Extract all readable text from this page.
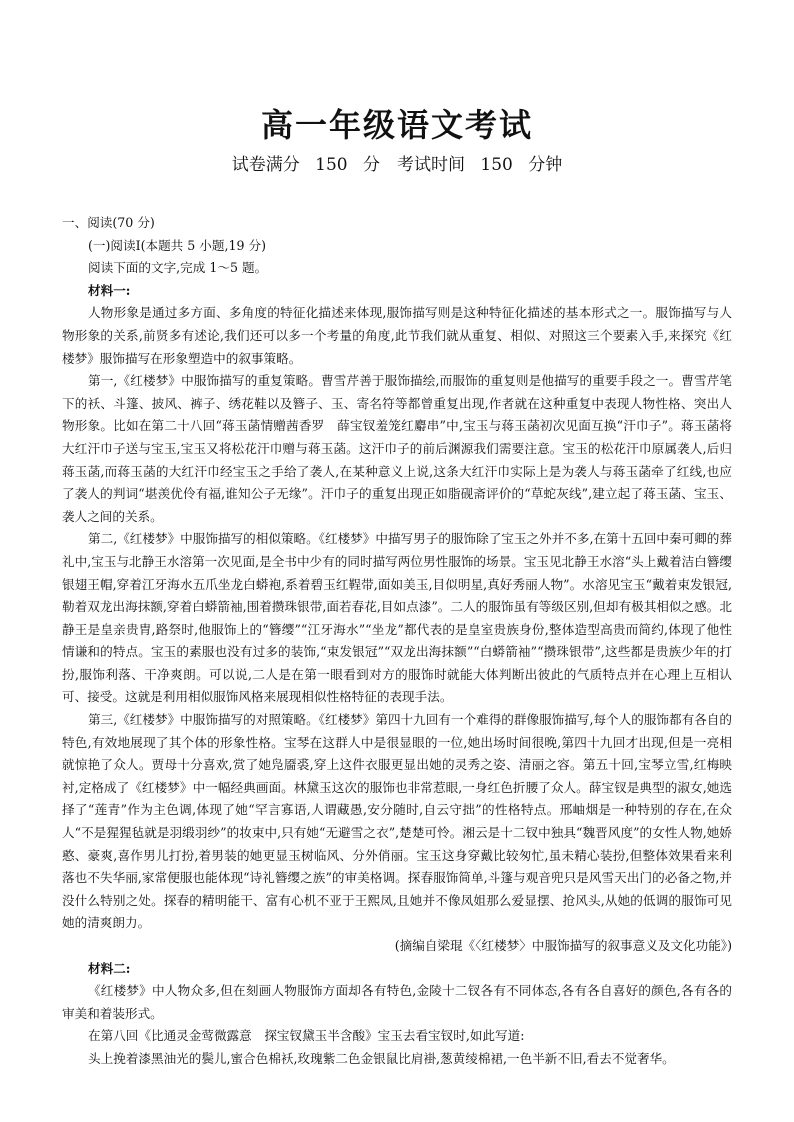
高一年级语文考试

试卷满分 150 分　考试时间 150 分钟

一、阅读(70 分)

(一)阅读Ⅰ(本题共 5 小题,19 分)

阅读下面的文字,完成 1～5 题。

材料一:

人物形象是通过多方面、多角度的特征化描述来体现,服饰描写则是这种特征化描述的基本形式之一。服饰描写与人物形象的关系,前贤多有述论,我们还可以多一个考量的角度,此节我们就从重复、相似、对照这三个要素入手,来探究《红楼梦》服饰描写在形象塑造中的叙事策略。

第一,《红楼梦》中服饰描写的重复策略。曹雪芹善于服饰描绘,而服饰的重复则是他描写的重要手段之一。曹雪芹笔下的袄、斗篷、披风、裤子、绣花鞋以及簪子、玉、寄名符等都曾重复出现,作者就在这种重复中表现人物性格、突出人物形象。比如在第二十八回“蒋玉菡情赠茜香罗　薛宝钗羞笼红麝串”中,宝玉与蒋玉菡初次见面互换“汗巾子”。蒋玉菡将大红汗巾子送与宝玉,宝玉又将松花汗巾赠与蒋玉菡。这汗巾子的前后渊源我们需要注意。宝玉的松花汗巾原属袭人,后归蒋玉菡,而蒋玉菡的大红汗巾经宝玉之手给了袭人,在某种意义上说,这条大红汗巾实际上是为袭人与蒋玉菡牵了红线,也应了袭人的判词“堪羡优伶有福,谁知公子无缘”。汗巾子的重复出现正如脂砚斋评价的“草蛇灰线”,建立起了蒋玉菡、宝玉、袭人之间的关系。

第二,《红楼梦》中服饰描写的相似策略。《红楼梦》中描写男子的服饰除了宝玉之外并不多,在第十五回中秦可卿的葬礼中,宝玉与北静王水溶第一次见面,是全书中少有的同时描写两位男性服饰的场景。宝玉见北静王水溶“头上戴着洁白簪缨银翅王帽,穿着江牙海水五爪坐龙白蟒袍,系着碧玉红鞓带,面如美玉,目似明星,真好秀丽人物”。水溶见宝玉“戴着束发银冠,勒着双龙出海抹额,穿着白蟒箭袖,围着攒珠银带,面若春花,目如点漆”。二人的服饰虽有等级区别,但却有极其相似之感。北静王是皇亲贵胄,路祭时,他服饰上的“簪缨”“江牙海水”“坐龙”都代表的是皇室贵族身份,整体造型高贵而简约,体现了他性情谦和的特点。宝玉的素服也没有过多的装饰,“束发银冠”“双龙出海抹额”“白蟒箭袖”“攒珠银带”,这些都是贵族少年的打扮,服饰利落、干净爽朗。可以说,二人是在第一眼看到对方的服饰时就能大体判断出彼此的气质特点并在心理上互相认可、接受。这就是利用相似服饰风格来展现相似性格特征的表现手法。

第三,《红楼梦》中服饰描写的对照策略。《红楼梦》第四十九回有一个难得的群像服饰描写,每个人的服饰都有各自的特色,有效地展现了其个体的形象性格。宝琴在这群人中是很显眼的一位,她出场时间很晚,第四十九回才出现,但是一亮相就惊艳了众人。贾母十分喜欢,赏了她凫靥裘,穿上这件衣服更显出她的灵秀之姿、清丽之容。第五十回,宝琴立雪,红梅映衬,定格成了《红楼梦》中一幅经典画面。林黛玉这次的服饰也非常惹眼,一身红色折腰了众人。薛宝钗是典型的淑女,她选择了“莲青”作为主色调,体现了她“罕言寡语,人谓藏愚,安分随时,自云守拙”的性格特点。邢岫烟是一种特别的存在,在众人“不是猩猩毡就是羽缎羽纱”的妆束中,只有她“无避雪之衣”,楚楚可怜。湘云是十二钗中独具“魏晋风度”的女性人物,她娇憨、豪爽,喜作男儿打扮,着男装的她更显玉树临风、分外俏丽。宝玉这身穿戴比较匆忙,虽未精心装扮,但整体效果看来利落也不失华丽,家常便服也能体现“诗礼簪缨之族”的审美格调。探春服饰简单,斗篷与观音兜只是风雪天出门的必备之物,并没什么特别之处。探春的精明能干、富有心机不亚于王熙凤,且她并不像凤姐那么爱显摆、抢风头,从她的低调的服饰可见她的清爽朗力。

(摘编自梁琨《〈红楼梦〉中服饰描写的叙事意义及文化功能》)

材料二:

《红楼梦》中人物众多,但在刻画人物服饰方面却各有特色,金陵十二钗各有不同体态,各有各自喜好的颜色,各有各的审美和着装形式。

在第八回《比通灵金莺微露意　探宝钗黛玉半含酸》宝玉去看宝钗时,如此写道:

头上挽着漆黑油光的鬓儿,蜜合色棉袄,玫瑰紫二色金银鼠比肩褂,葱黄绫棉裙,一色半新不旧,看去不觉奢华。
